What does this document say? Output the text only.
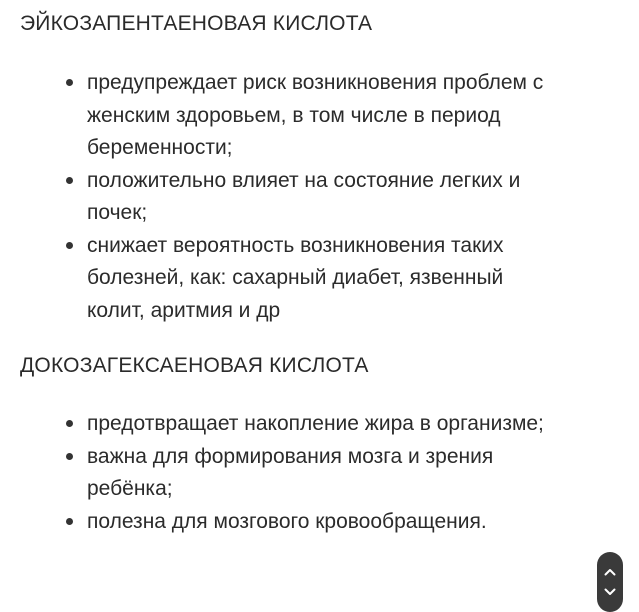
ЭЙКОЗАПЕНТАЕНОВАЯ КИСЛОТА
предупреждает риск возникновения проблем с женским здоровьем, в том числе в период беременности;
положительно влияет на состояние легких и почек;
снижает вероятность возникновения таких болезней, как: сахарный диабет, язвенный колит, аритмия и др
ДОКОЗАГЕКСАЕНОВАЯ КИСЛОТА
предотвращает накопление жира в организме;
важна для формирования мозга и зрения ребёнка;
полезна для мозгового кровообращения.
